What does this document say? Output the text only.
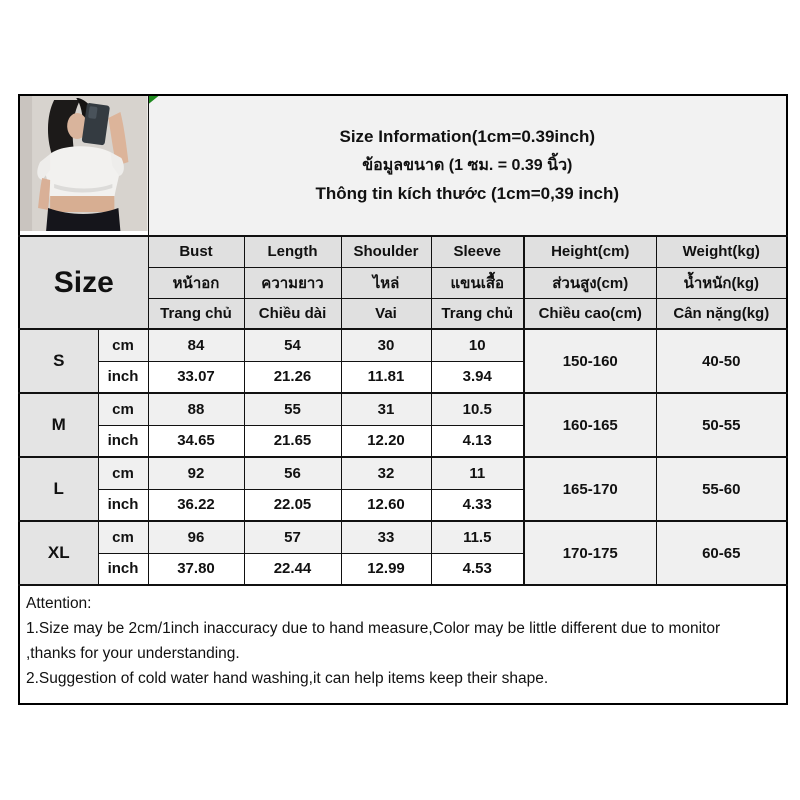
Size Information(1cm=0.39inch)
ข้อมูลขนาด (1 ซม. = 0.39 นิ้ว)
Thông tin kích thước (1cm=0,39 inch)					

Size		Bust	Length	Shoulder	Sleeve	Height(cm)	Weight(kg)
		หน้าอก	ความยาว	ไหล่	แขนเสื้อ	ส่วนสูง(cm)	น้ำหนัก(kg)
		Trang chủ	Chiều dài	Vai	Trang chủ	Chiều cao(cm)	Cân nặng(kg)
S	cm	84	54	30	10	150-160	40-50
	inch	33.07	21.26	11.81	3.94		
M	cm	88	55	31	10.5	160-165	50-55
	inch	34.65	21.65	12.20	4.13		
L	cm	92	56	32	11	165-170	55-60
	inch	36.22	22.05	12.60	4.33		
XL	cm	96	57	33	11.5	170-175	60-65
	inch	37.80	22.44	12.99	4.53		

Attention:
1.Size may be 2cm/1inch inaccuracy due to hand measure,Color may be little different due to monitor
,thanks for your understanding.
2.Suggestion of cold water hand washing,it can help items keep their shape.							
